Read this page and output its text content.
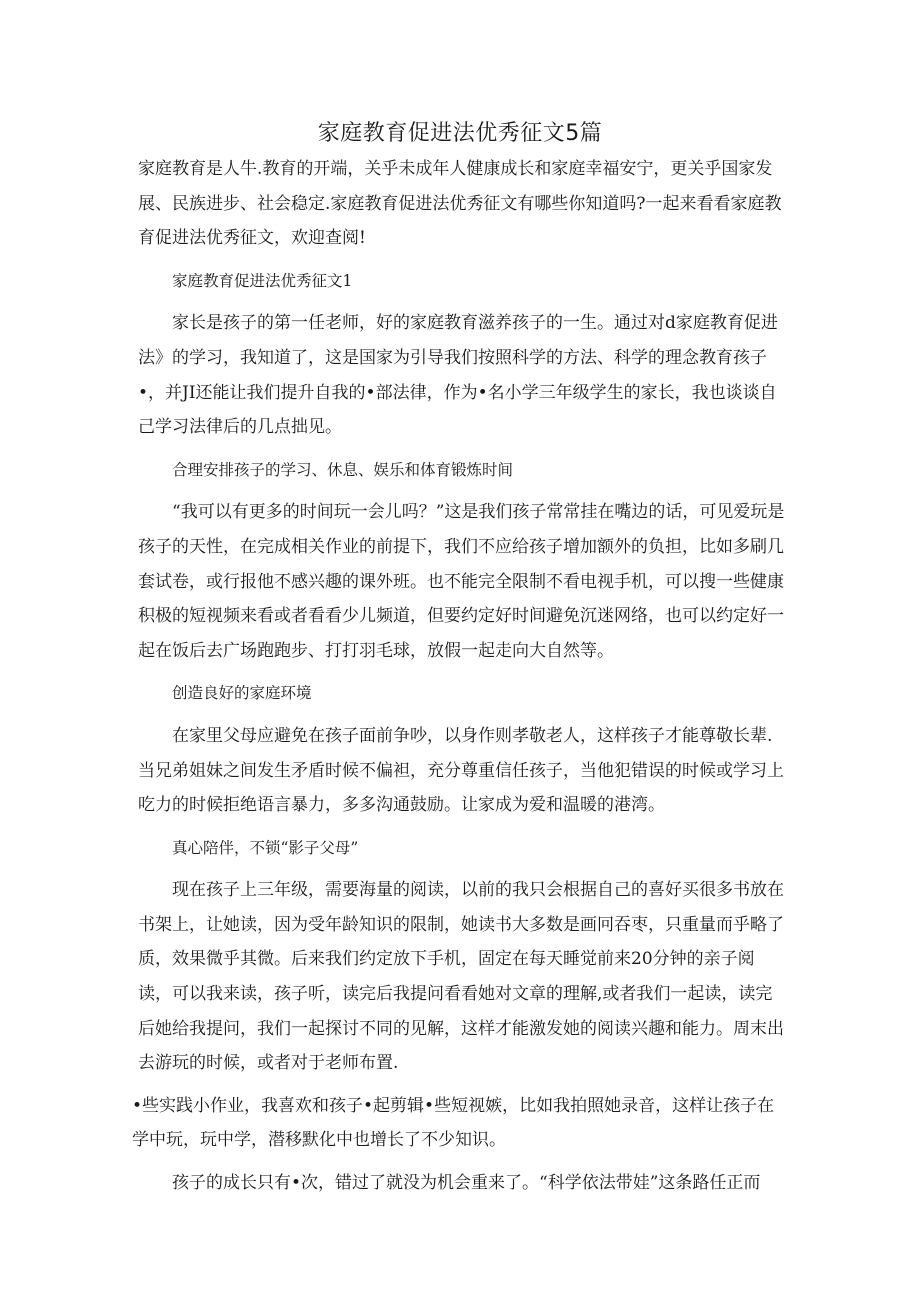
家庭教育促进法优秀征文5篇

家庭教育是人牛.教育的开端，关乎未成年人健康成长和家庭幸福安宁，更关乎国家发展、民族进步、社会稳定.家庭教育促进法优秀征文有哪些你知道吗?一起来看看家庭教育促进法优秀征文，欢迎查阅!

家庭教育促进法优秀征文1

家长是孩子的第一任老师，好的家庭教育滋养孩子的一生。通过对d家庭教育促进法》的学习，我知道了，这是国家为引导我们按照科学的方法、科学的理念教育孩子•，并JI还能让我们提升自我的•部法律，作为•名小学三年级学生的家长，我也谈谈自己学习法律后的几点拙见。

合理安排孩子的学习、休息、娱乐和体育锻炼时间

“我可以有更多的时间玩一会儿吗？”这是我们孩子常常挂在嘴边的话，可见爱玩是孩子的天性，在完成相关作业的前提下，我们不应给孩子增加额外的负担，比如多刷几套试卷，或行报他不感兴趣的课外班。也不能完全限制不看电视手机，可以搜一些健康积极的短视频来看或者看看少儿频道，但要约定好时间避免沉迷网络，也可以约定好一起在饭后去广场跑跑步、打打羽毛球，放假一起走向大自然等。

创造良好的家庭环境

在家里父母应避免在孩子面前争吵，以身作则孝敬老人，这样孩子才能尊敬长辈.当兄弟姐妹之间发生矛盾时候不偏袒，充分尊重信任孩子，当他犯错误的时候或学习上吃力的时候拒绝语言暴力，多多沟通鼓励。让家成为爱和温暖的港湾。

真心陪伴，不锁“影子父母”

现在孩子上三年级，需要海量的阅读，以前的我只会根据自己的喜好买很多书放在书架上，让她读，因为受年龄知识的限制，她读书大多数是画冋吞枣，只重量而乎略了质，效果微乎其微。后来我们约定放下手机，固定在每天睡觉前来20分钟的亲子阅读，可以我来读，孩子听，读完后我提问看看她对文章的理解,或者我们一起读，读完后她给我提问，我们一起探讨不同的见解，这样才能激发她的阅读兴趣和能力。周末出去游玩的时候，或者对于老师布置.

•些实践小作业，我喜欢和孩子•起剪辑•些短视嫉，比如我拍照她录音，这样让孩子在学中玩，玩中学，潜移默化中也增长了不少知识。

孩子的成长只有•次，错过了就没为机会重来了。“科学依法带娃”这条路任正而
